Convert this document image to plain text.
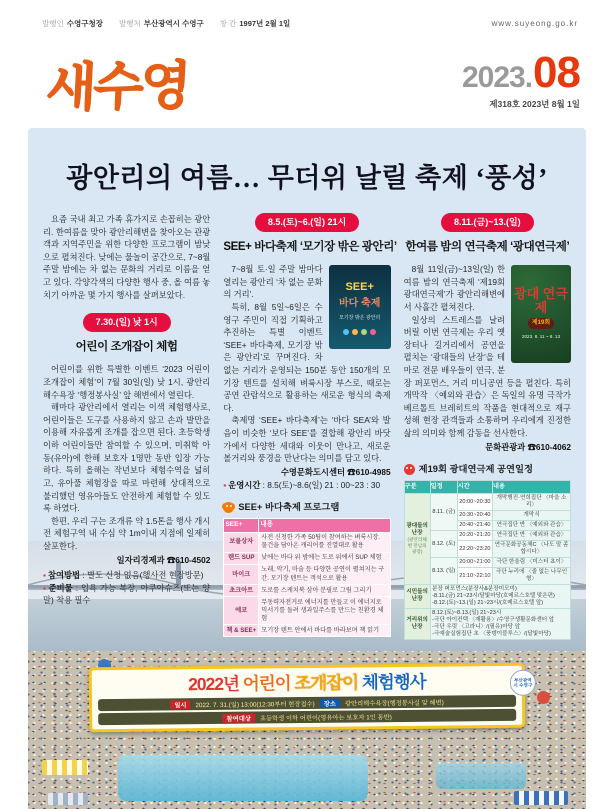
발행인 수영구청장 발행처 부산광역시 수영구 창 간 1997년 2월 1일	www.suyeong.go.kr
새수영	2023 . 08
제318호 2023년 8월 1일
2022년 어린이 조개잡이 체험행사
일시	2022. 7. 31.(일) 13:00(12:30부터 현장접수)	장소	광안리해수욕장(행정봉사실 앞 해변)
참여대상	초등학생 이하 어린이(영유아는 보호자 1인 동반)
부산광역시 수영구
광안리의 여름… 무더위 날릴 축제 ‘풍성’

요즘 국내 최고 가족 휴가지로 손꼽히는 광안리. 한여름을 맞아 광안리해변을 찾아오는 관광객과 지역주민을 위한 다양한 프로그램이 밤낮으로 펼쳐진다. 낮에는 물놀이 공간으로, 7~8월 주말 밤에는 차 없는 문화의 거리로 이름을 얻고 있다. 각양각색의 다양한 행사 중, 올 여름 놓치기 아까운 몇 가지 행사를 살펴보았다.

7.30.(일) 낮 1시
어린이 조개잡이 체험

어린이를 위한 특별한 이벤트 ‘2023 어린이 조개잡이 체험’이 7월 30일(일) 낮 1시, 광안리해수욕장 ‘행정봉사실’ 앞 해변에서 열린다.

해마다 광안리에서 열리는 이색 체험행사로, 어린이들은 도구를 사용하지 않고 손과 발만을 이용해 자유롭게 조개를 잡으면 된다. 초등학생 이하 어린이들만 참여할 수 있으며, 미취학 아동(유아)에 한해 보호자 1명만 동반 입장 가능하다. 특히 올해는 작년보다 체험수역을 넓히고, 유아풀 체험장을 따로 마련해 상대적으로 불리했던 영유아들도 안전하게 체험할 수 있도록 하였다.

한편, 우리 구는 조개류 약 1.5톤을 행사 개시 전 체험구역 내 수심 약 1m이내 지점에 일제히 살포한다.

일자리경제과 ☎610-4502
▪ 참여방법 : 별도 신청 없음(행사전 현장방문)
▪ 준비물 : 입욕 가능 복장, 아쿠아슈즈(또는 양말) 착용 필수
8.5.(토)~6.(일) 21시
SEE+ 바다축제 ‘모기장 밖은 광안리’
SEE+
바다 축제
모기장 밖은 광안리

7~8월 토·일 주말 밤마다 열리는 광안리 ‘차 없는 문화의 거리’.

특히, 8월 5일~6일은 수영구 주민이 직접 기획하고 추진하는 특별 이벤트 ‘SEE+ 바다축제, 모기장 밖은 광안리’로 꾸며진다. 차 없는 거리가 운영되는 150분 동안 150개의 모기장 텐트를 설치해 벼룩시장 부스로, 때로는 공연 관람석으로 활용하는 새로운 형식의 축제다.

축제명 ‘SEE+ 바다축제’는 ‘바다 SEA’와 발음이 비슷한 ‘보다 SEE’를 결합해 광안리 바닷가에서 다양한 세대와 이웃이 만나고, 새로운 볼거리와 풍경을 만난다는 의미를 담고 있다.

수영문화도시센터 ☎610-4985
▪ 운영시간 : 8.5(토)~8.6(일) 21 : 00~23 : 30
SEE+ 바다축제 프로그램
SEE+	내용
보물상자	사전 신청한 가족 50팀이 참여하는 벼룩시장. 물건을 담아온 캐리어를 진열대로 활용
랜드 SUP	낮에는 바다 위 밤에는 도로 위에서 SUP 체험
마이크	노래, 악기, 마술 등 다양한 공연이 펼쳐지는 구간. 모기장 텐트는 객석으로 활용
초크아트	도로를 스케치북 삼아 분필로 그림 그리기
에코	무동력자전거로 에너지를 만들고 이 에너지로 믹서기를 돌려 생과일주스를 만드는 친환경 체험
책 & SEE+	모기장 텐트 안에서 바다를 바라보며 책 읽기
8.11.(금)~13.(일)
한여름 밤의 연극축제 ‘광대연극제’
광대 연극제
제19회
2023. 8. 11 ~ 8. 13

8월 11일(금)~13일(일) 한여름 밤의 연극축제 ‘제19회 광대연극제’가 광안리해변에서 사흘간 펼쳐진다.

일상의 스트레스를 날려 버릴 이번 연극제는 우리 옛 장터나 길거리에서 공연을 펼치는 ‘광대들의 난장’을 테마로 전문 배우들이 연극, 분장 퍼포먼스, 거리 미니공연 등을 펼친다. 특히 개막작 〈예외와 관습〉은 독일의 유명 극작가 베르톨트 브레히트의 작품을 현대적으로 재구성해 현장 관객들과 소통하며 우리에게 진정한 삶의 의미와 함께 감동을 선사한다.

문화관광과 ☎610-4062
제19회 광대연극제 공연일정
구분	일정	시간	내용
광대들의 난장
(광안리해변 만남의 광장)	8.11. (금)	20:00~20:30	개막행진·연희집단 〈마을 소리〉
		20:30~20:40	개막식
		20:40~21:40	연극집단 반 〈예외와 관습〉
	8.12. (토)	20:20~21:20	연극집단 반 〈예외와 관습〉
		22:20~23:20	연극문화공동체C 〈나도 말 좀 합시다〉
	8.13. (일)	20:00~21:00	극단 한울림 〈미스터 쵸이〉
		21:10~22:10	극단 누리에 〈줄 없는 나무인형〉
시민들의 난장	분장 퍼포먼스(분장사&분장미모미)
-8.11.(금) 21~23시/달빛마당(호메르스호텔 맞은편)
-8.12.(토)~13.(일) 21~23시/(호메르스호텔 앞)		

거리위의 난장	8.12.(토)~8.13.(일) 21~23시
-극단 아이컨택 〈재활용〉/수영구생활문화센터 앞
-극단 우릿 〈고라니〉/(필유)마당 앞
-극예술실험집단 초 〈풍뎅이블루스〉/(달빛마당)		
